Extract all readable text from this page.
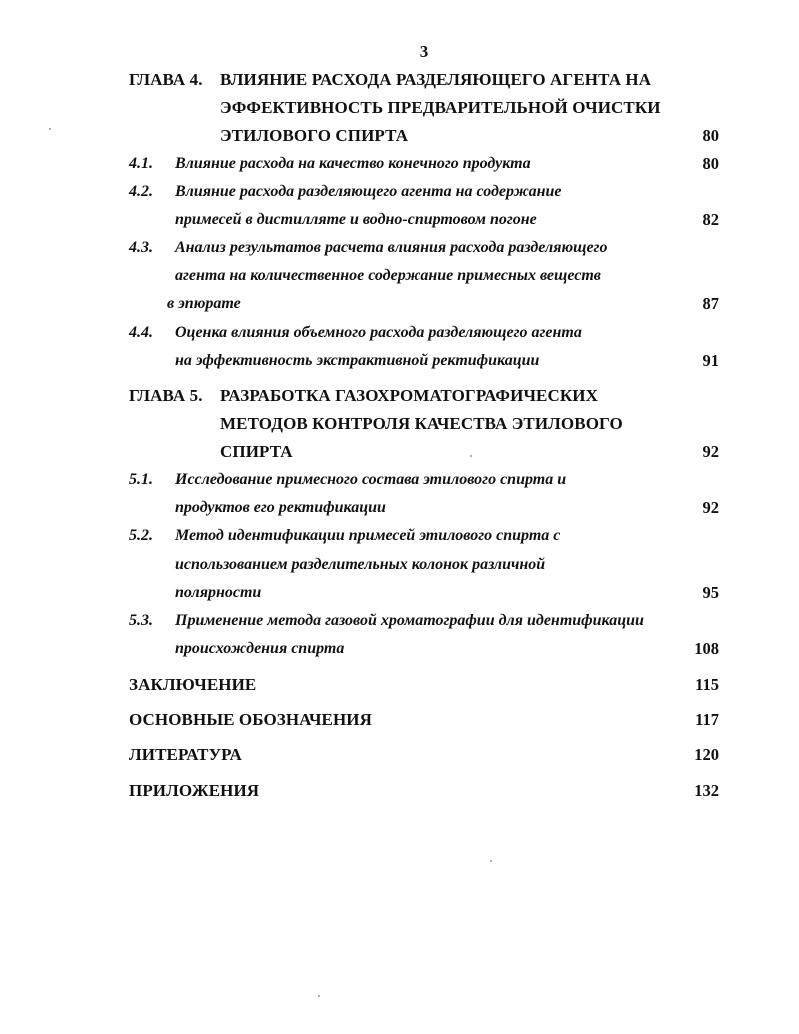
3
ГЛАВА 4. ВЛИЯНИЕ РАСХОДА РАЗДЕЛЯЮЩЕГО АГЕНТА НА
ЭФФЕКТИВНОСТЬ ПРЕДВАРИТЕЛЬНОЙ ОЧИСТКИ
ЭТИЛОВОГО СПИРТА	80
4.1. Влияние расхода на качество конечного продукта	80
4.2. Влияние расхода разделяющего агента на содержание
примесей в дистилляте и водно-спиртовом погоне	82
4.3. Анализ результатов расчета влияния расхода разделяющего
агента на количественное содержание примесных веществ
в эпюрате	87
4.4. Оценка влияния объемного расхода разделяющего агента
на эффективность экстрактивной ректификации	91
ГЛАВА 5. РАЗРАБОТКА ГАЗОХРОМАТОГРАФИЧЕСКИХ
МЕТОДОВ КОНТРОЛЯ КАЧЕСТВА ЭТИЛОВОГО
СПИРТА	92
5.1. Исследование примесного состава этилового спирта и
продуктов его ректификации	92
5.2. Метод идентификации примесей этилового спирта с
использованием разделительных колонок различной
полярности	95
5.3. Применение метода газовой хроматографии для идентификации
происхождения спирта	108
ЗАКЛЮЧЕНИЕ	115
ОСНОВНЫЕ ОБОЗНАЧЕНИЯ	117
ЛИТЕРАТУРА	120
ПРИЛОЖЕНИЯ	132
